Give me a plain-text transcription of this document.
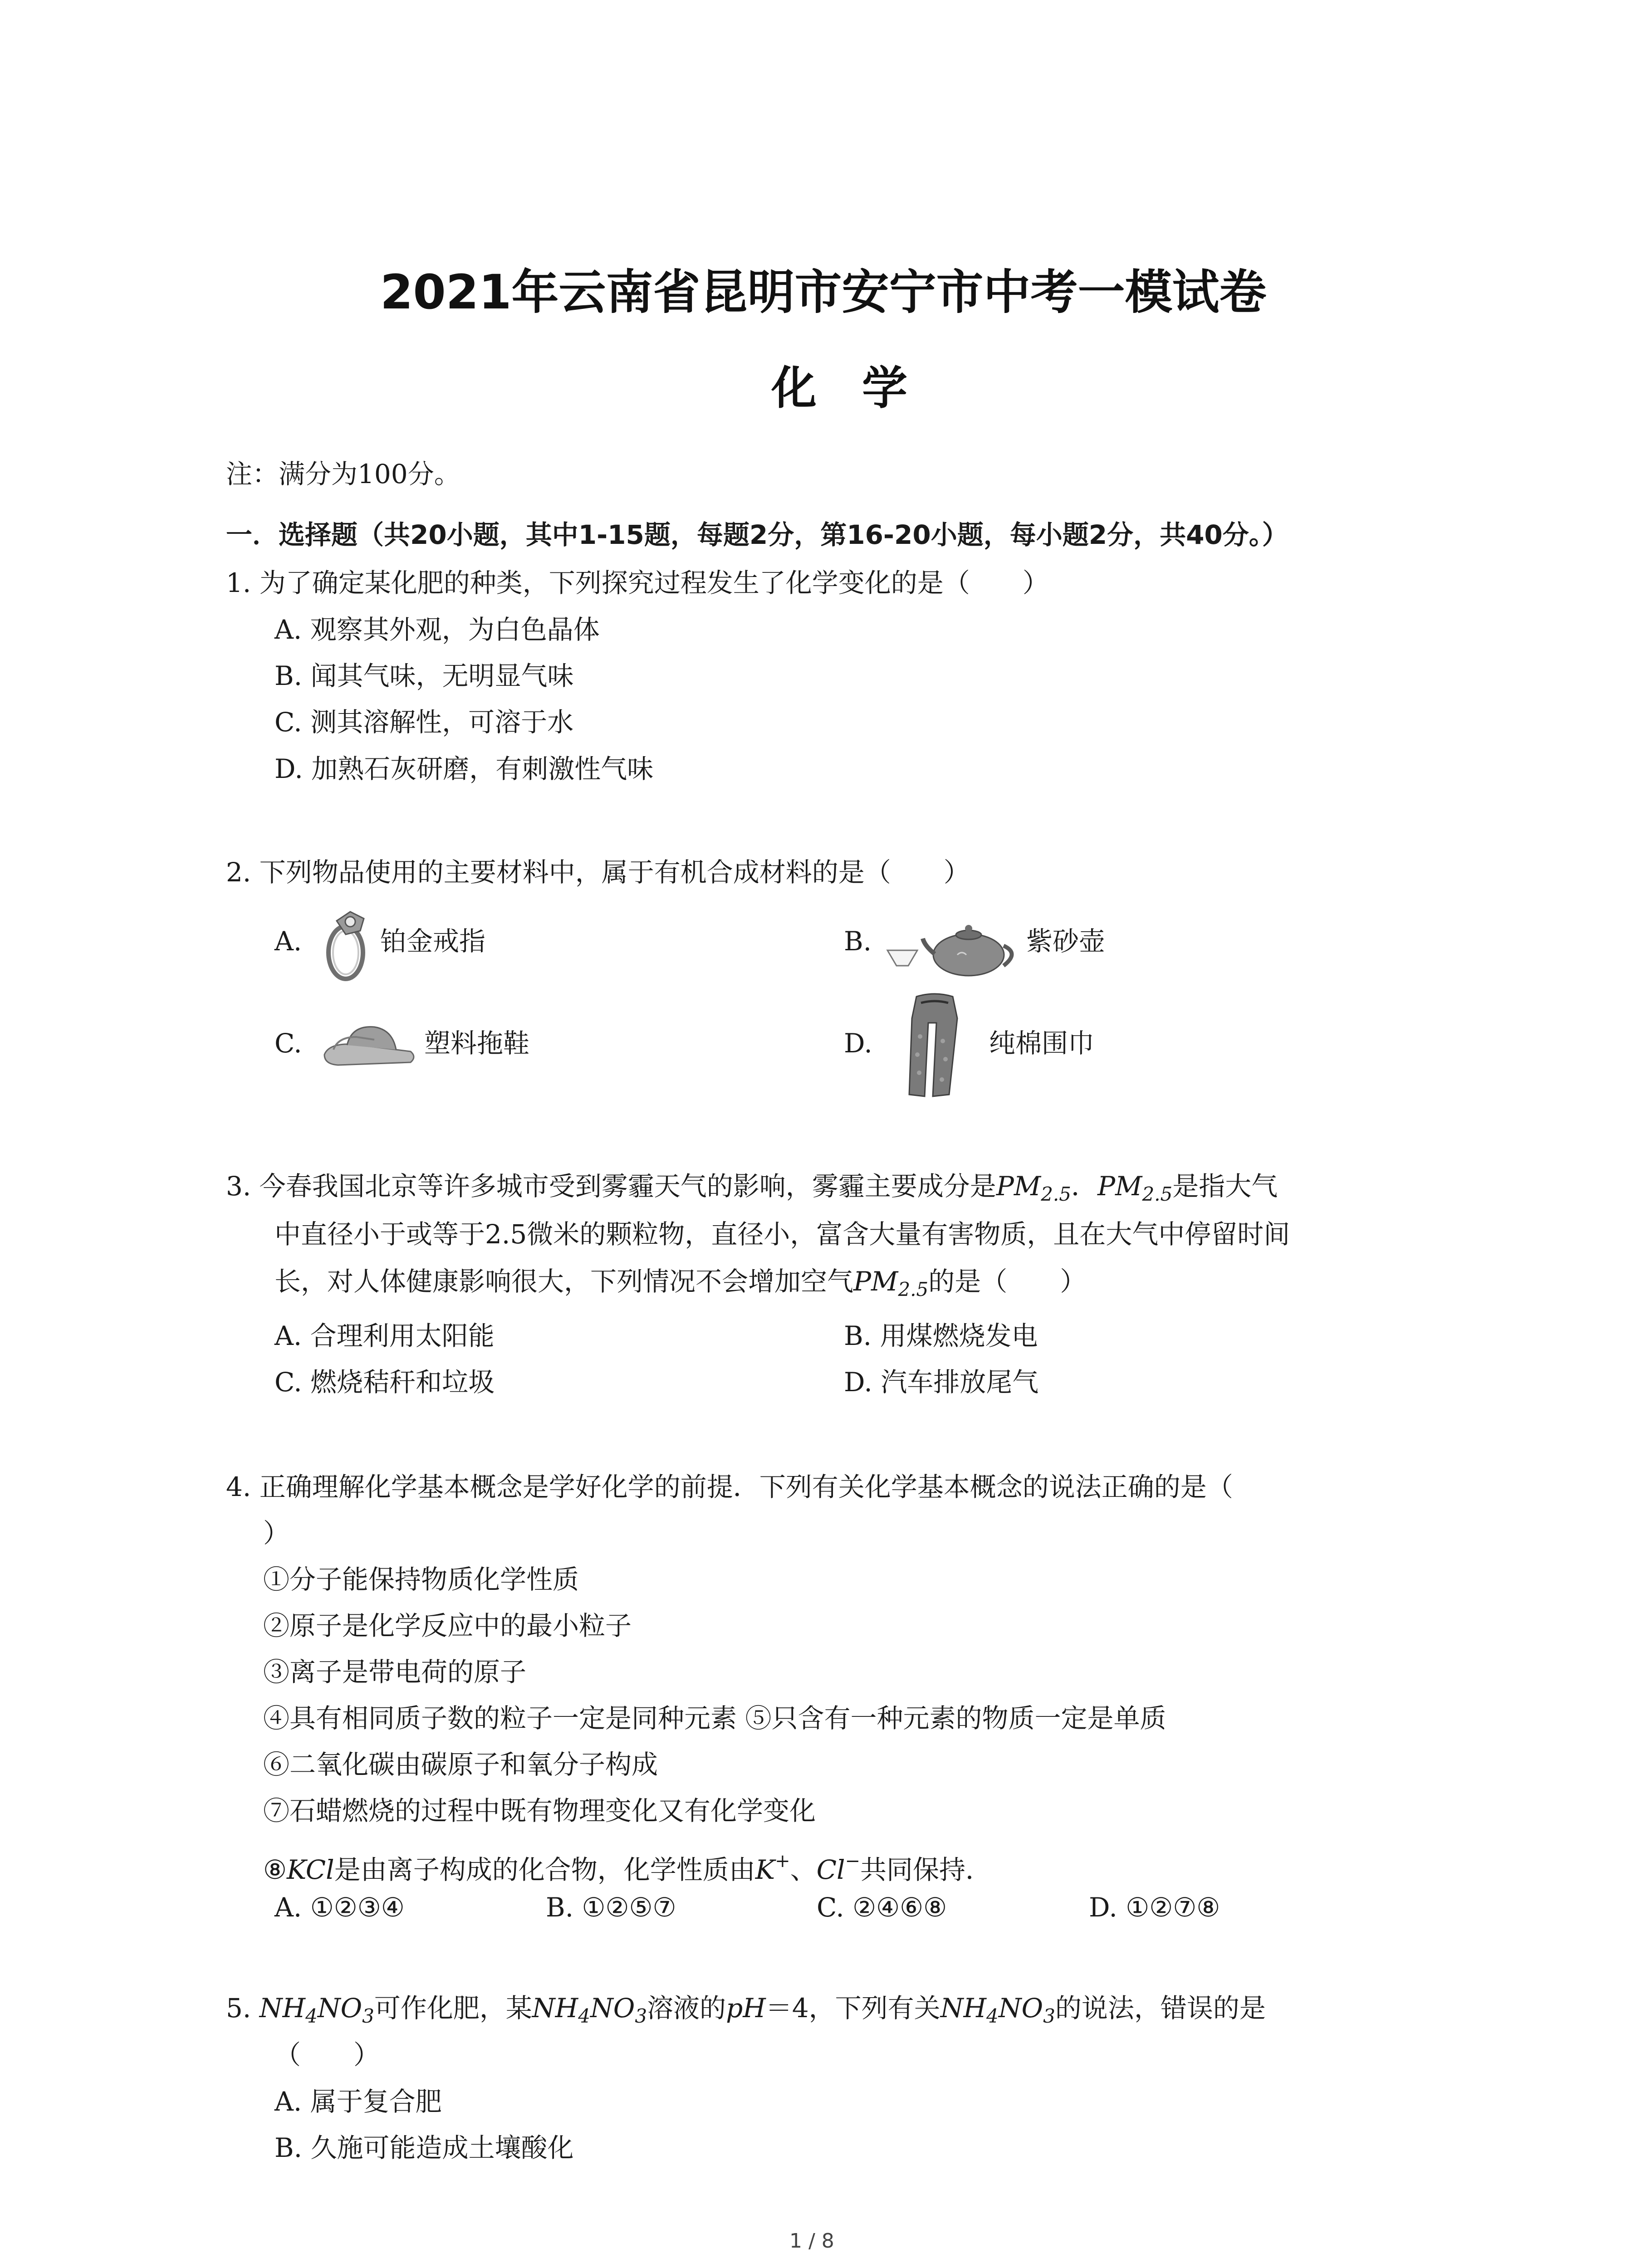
2021年云南省昆明市安宁市中考一模试卷
化　学
注：满分为100分。
一．选择题（共20小题，其中1-15题，每题2分，第16-20小题，每小题2分，共40分。）
1. 为了确定某化肥的种类，下列探究过程发生了化学变化的是（　　）
A. 观察其外观，为白色晶体
B. 闻其气味，无明显气味
C. 测其溶解性，可溶于水
D. 加熟石灰研磨，有刺激性气味
2. 下列物品使用的主要材料中，属于有机合成材料的是（　　）
A.	铂金戒指	B.	紫砂壶
C.	塑料拖鞋	D.	纯棉围巾
3. 今春我国北京等许多城市受到雾霾天气的影响，雾霾主要成分是$PM_{2.5}$．$PM_{2.5}$是指大气
中直径小于或等于2.5微米的颗粒物，直径小，富含大量有害物质，且在大气中停留时间
长，对人体健康影响很大，下列情况不会增加空气$PM_{2.5}$的是（　　）
A. 合理利用太阳能	B. 用煤燃烧发电
C. 燃烧秸秆和垃圾	D. 汽车排放尾气
4. 正确理解化学基本概念是学好化学的前提．下列有关化学基本概念的说法正确的是（
）
①分子能保持物质化学性质
②原子是化学反应中的最小粒子
③离子是带电荷的原子
④具有相同质子数的粒子一定是同种元素 ⑤只含有一种元素的物质一定是单质
⑥二氧化碳由碳原子和氧分子构成
⑦石蜡燃烧的过程中既有物理变化又有化学变化
⑧KCl是由离子构成的化合物，化学性质由K+、Cl−共同保持．
A. ①②③④	B. ①②⑤⑦	C. ②④⑥⑧	D. ①②⑦⑧
5. $NH_4NO_3$可作化肥，某$NH_4NO_3$溶液的pH＝4，下列有关$NH_4NO_3$的说法，错误的是
（　　）
A. 属于复合肥
B. 久施可能造成土壤酸化
1 / 8
